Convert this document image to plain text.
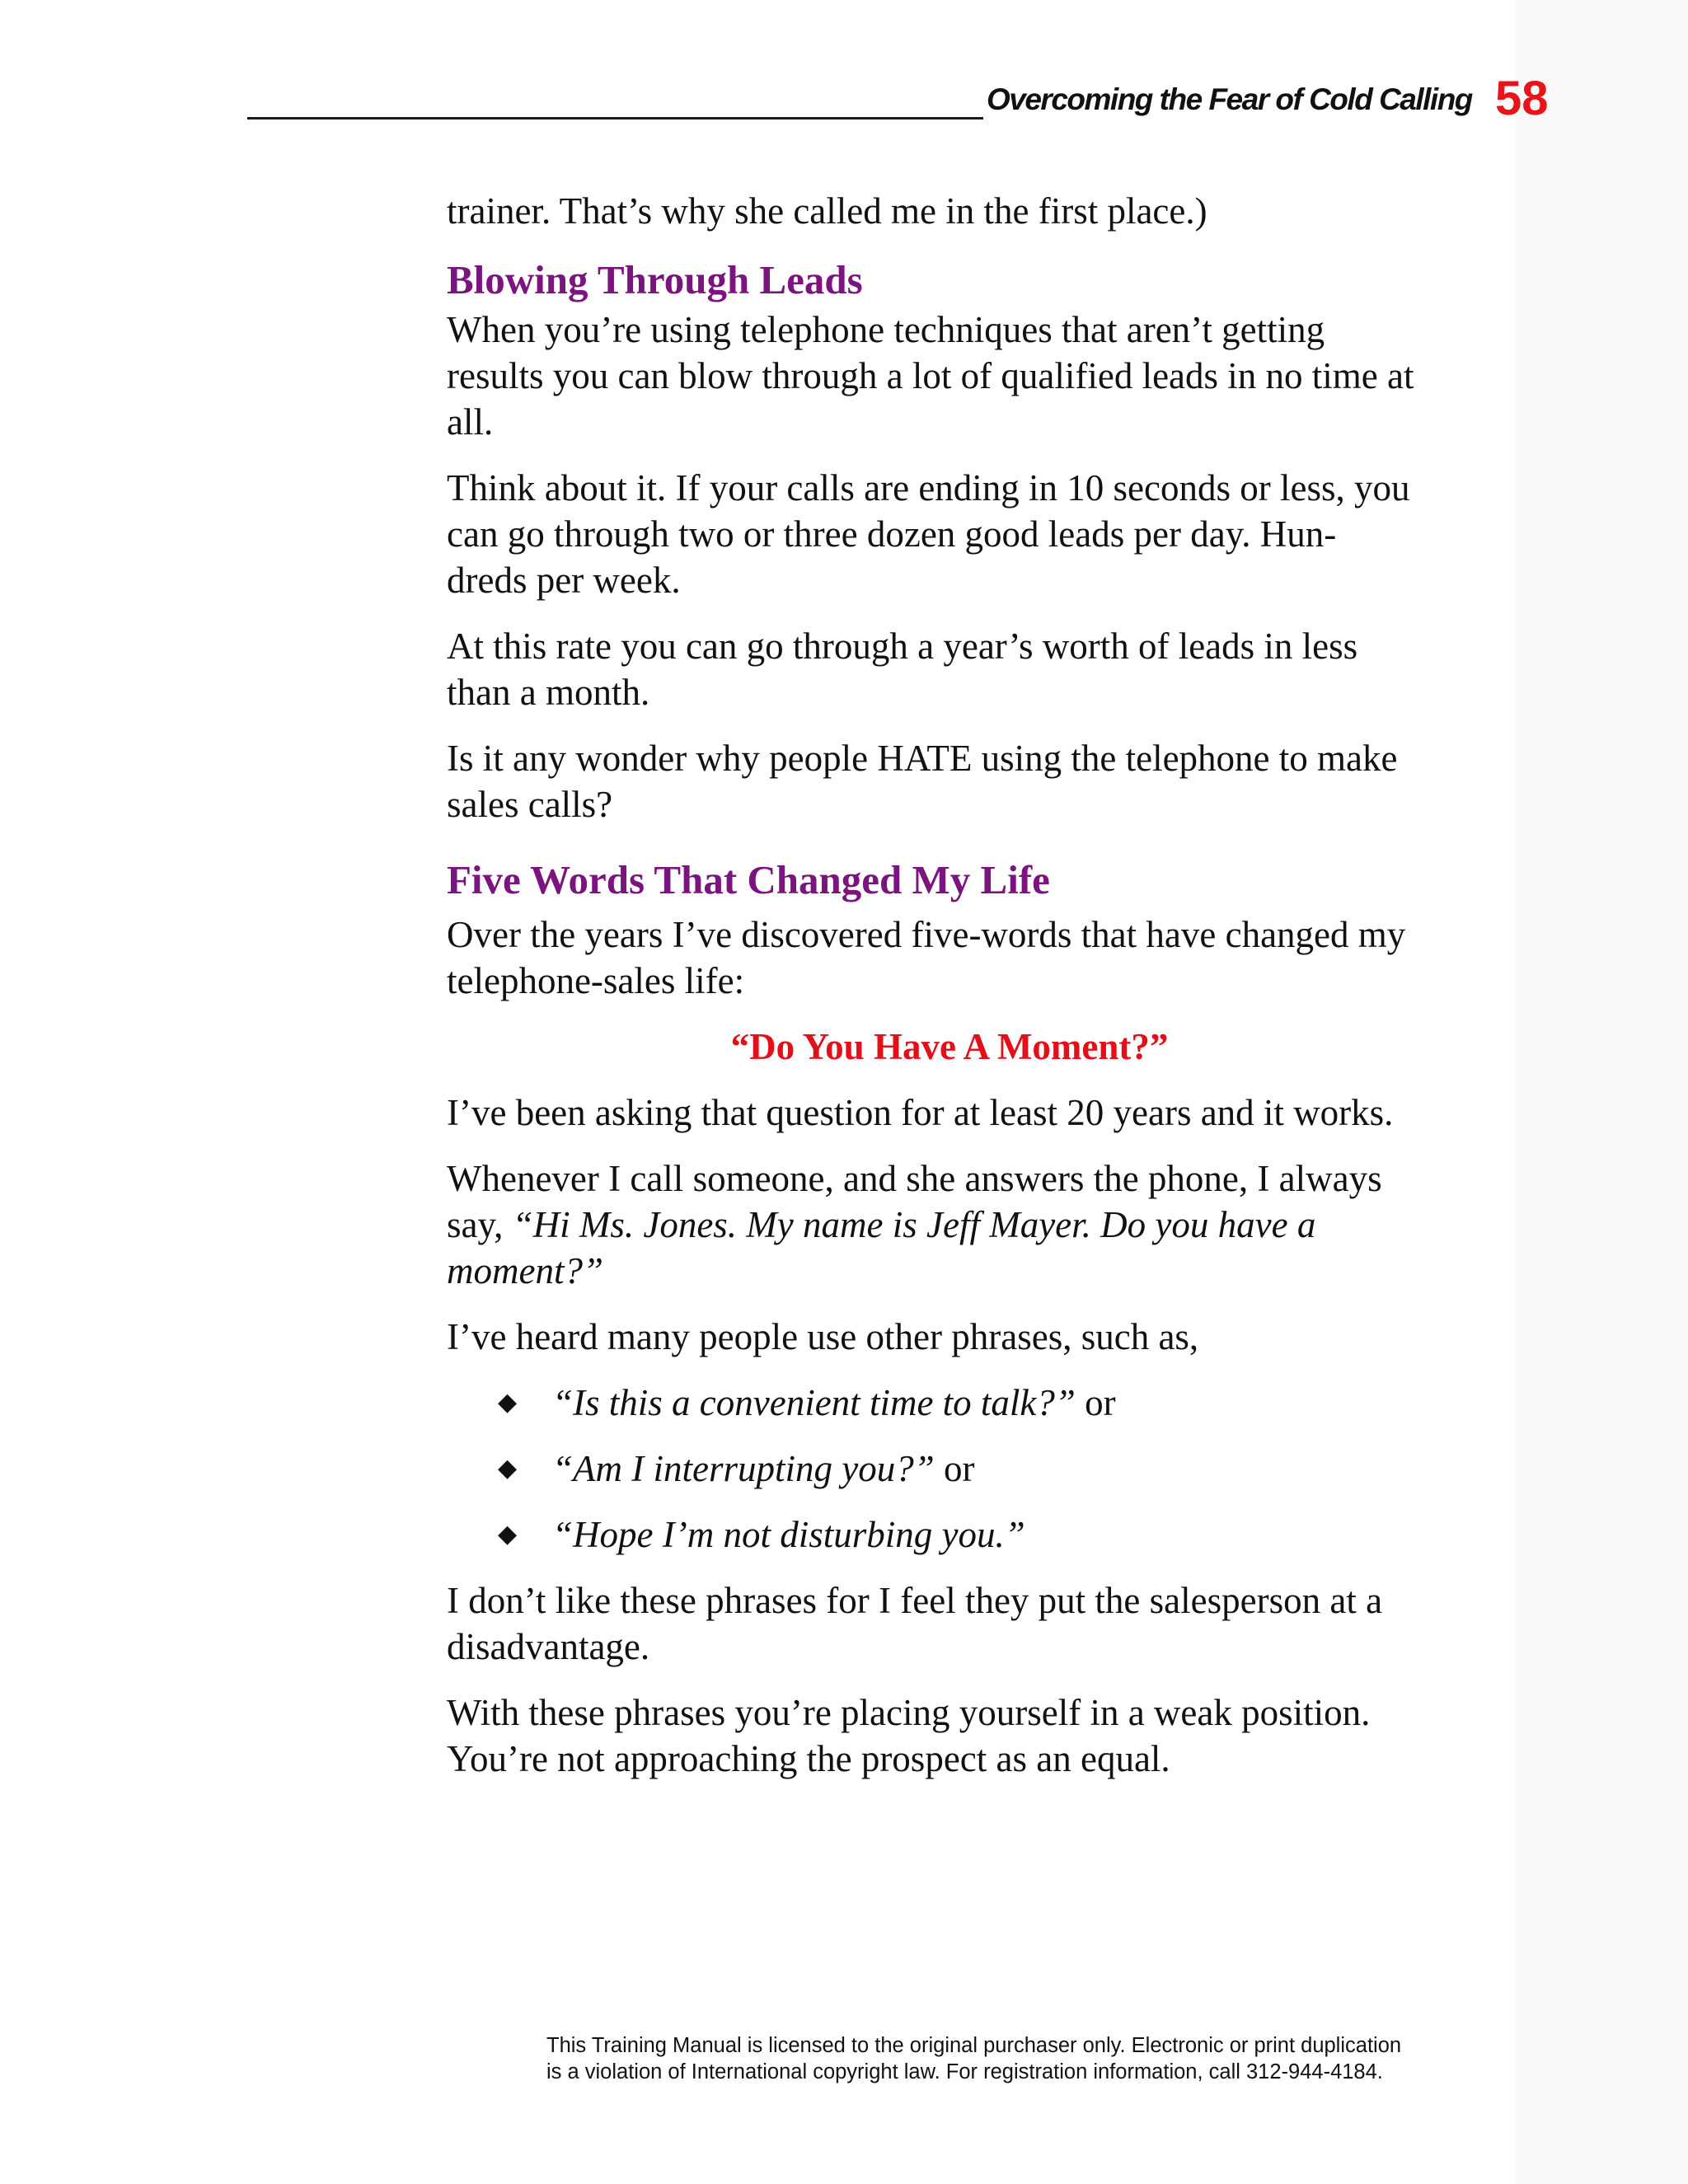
Overcoming the Fear of Cold Calling 58

trainer. That’s why she called me in the first place.)

Blowing Through Leads

When you’re using telephone techniques that aren’t getting
results you can blow through a lot of qualified leads in no time at
all.

Think about it. If your calls are ending in 10 seconds or less, you
can go through two or three dozen good leads per day. Hun-
dreds per week.

At this rate you can go through a year’s worth of leads in less
than a month.

Is it any wonder why people HATE using the telephone to make
sales calls?

Five Words That Changed My Life

Over the years I’ve discovered five-words that have changed my
telephone-sales life:

“Do You Have A Moment?”

I’ve been asking that question for at least 20 years and it works.

Whenever I call someone, and she answers the phone, I always
say, “Hi Ms. Jones. My name is Jeff Mayer. Do you have a
moment?”

I’ve heard many people use other phrases, such as,

◆ “Is this a convenient time to talk?” or
◆ “Am I interrupting you?” or
◆ “Hope I’m not disturbing you.”

I don’t like these phrases for I feel they put the salesperson at a
disadvantage.

With these phrases you’re placing yourself in a weak position.
You’re not approaching the prospect as an equal.

This Training Manual is licensed to the original purchaser only. Electronic or print duplication

is a violation of International copyright law. For registration information, call 312-944-4184.
